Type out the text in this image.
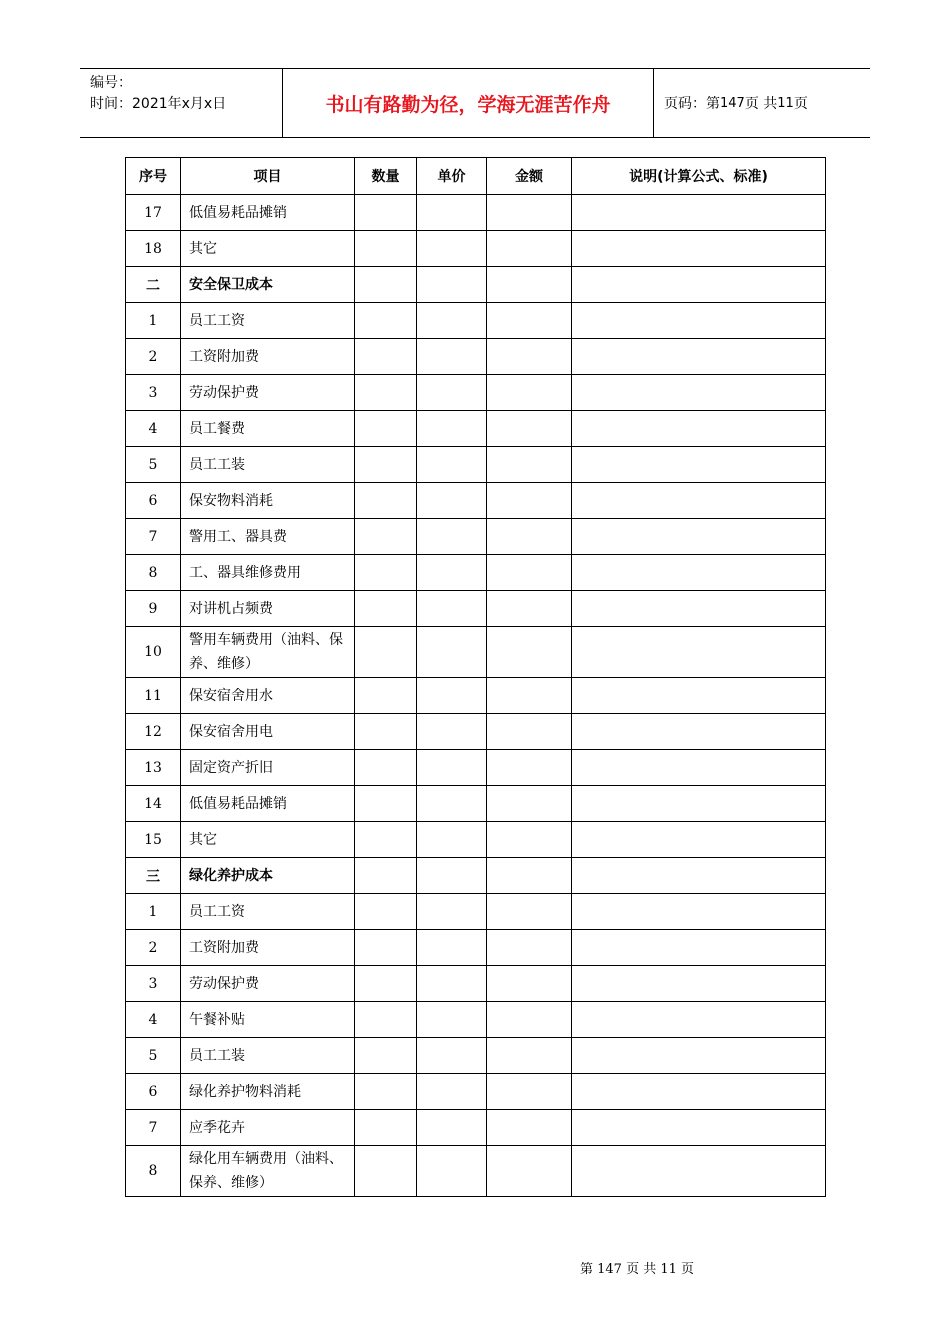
编号：
时间：2021年x月x日	书山有路勤为径，学海无涯苦作舟	页码：第 147 页 共 11 页
序号	项目	数量	单价	金额	说明(计算公式、标准)
17	低值易耗品摊销				
18	其它				
二	安全保卫成本				
1	员工工资				
2	工资附加费				
3	劳动保护费				
4	员工餐费				
5	员工工装				
6	保安物料消耗				
7	警用工、器具费				
8	工、器具维修费用				
9	对讲机占频费				
10	警用车辆费用（油料、保养、维修）				
11	保安宿舍用水				
12	保安宿舍用电				
13	固定资产折旧				
14	低值易耗品摊销				
15	其它				
三	绿化养护成本				
1	员工工资				
2	工资附加费				
3	劳动保护费				
4	午餐补贴				
5	员工工装				
6	绿化养护物料消耗				
7	应季花卉				
8	绿化用车辆费用（油料、保养、维修）				
第 147 页 共 11 页
